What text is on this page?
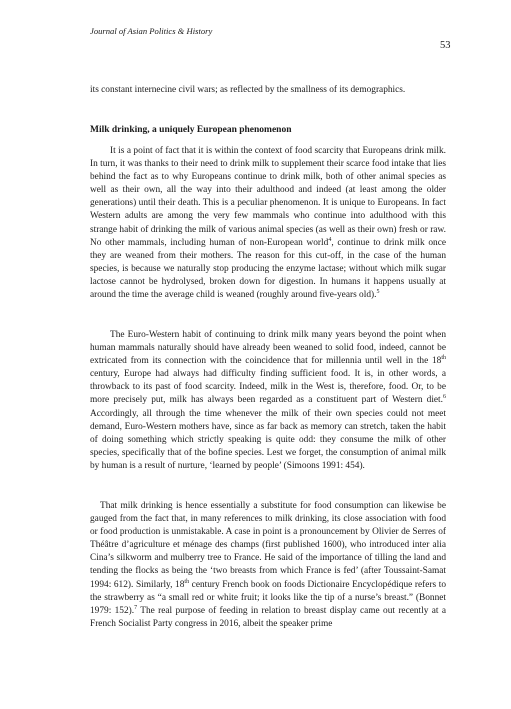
Journal of Asian Politics & History
53

its constant internecine civil wars; as reflected by the smallness of its demographics.

Milk drinking, a uniquely European phenomenon

It is a point of fact that it is within the context of food scarcity that Europeans drink milk. In turn, it was thanks to their need to drink milk to supplement their scarce food intake that lies behind the fact as to why Europeans continue to drink milk, both of other animal species as well as their own, all the way into their adulthood and indeed (at least among the older generations) until their death. This is a peculiar phenomenon. It is unique to Europeans. In fact Western adults are among the very few mammals who continue into adulthood with this strange habit of drinking the milk of various animal species (as well as their own) fresh or raw. No other mammals, including human of non-European world$^4$, continue to drink milk once they are weaned from their mothers. The reason for this cut-off, in the case of the human species, is because we naturally stop producing the enzyme lactase; without which milk sugar lactose cannot be hydrolysed, broken down for digestion. In humans it happens usually at around the time the average child is weaned (roughly around five-years old).$^5$

The Euro-Western habit of continuing to drink milk many years beyond the point when human mammals naturally should have already been weaned to solid food, indeed, cannot be extricated from its connection with the coincidence that for millennia until well in the 18th century, Europe had always had difficulty finding sufficient food. It is, in other words, a throwback to its past of food scarcity. Indeed, milk in the West is, therefore, food. Or, to be more precisely put, milk has always been regarded as a constituent part of Western diet.$^6$ Accordingly, all through the time whenever the milk of their own species could not meet demand, Euro-Western mothers have, since as far back as memory can stretch, taken the habit of doing something which strictly speaking is quite odd: they consume the milk of other species, specifically that of the bofine species. Lest we forget, the consumption of animal milk by human is a result of nurture, ‘learned by people’ (Simoons 1991: 454).

That milk drinking is hence essentially a substitute for food consumption can likewise be gauged from the fact that, in many references to milk drinking, its close association with food or food production is unmistakable. A case in point is a pronouncement by Olivier de Serres of Théâtre d’agriculture et ménage des champs (first published 1600), who introduced inter alia Cina’s silkworm and mulberry tree to France. He said of the importance of tilling the land and tending the flocks as being the ‘two breasts from which France is fed’ (after Toussaint-Samat 1994: 612). Similarly, 18th century French book on foods Dictionaire Encyclopédique refers to the strawberry as “a small red or white fruit; it looks like the tip of a nurse’s breast.” (Bonnet 1979: 152).$^7$ The real purpose of feeding in relation to breast display came out recently at a French Socialist Party congress in 2016, albeit the speaker prime
